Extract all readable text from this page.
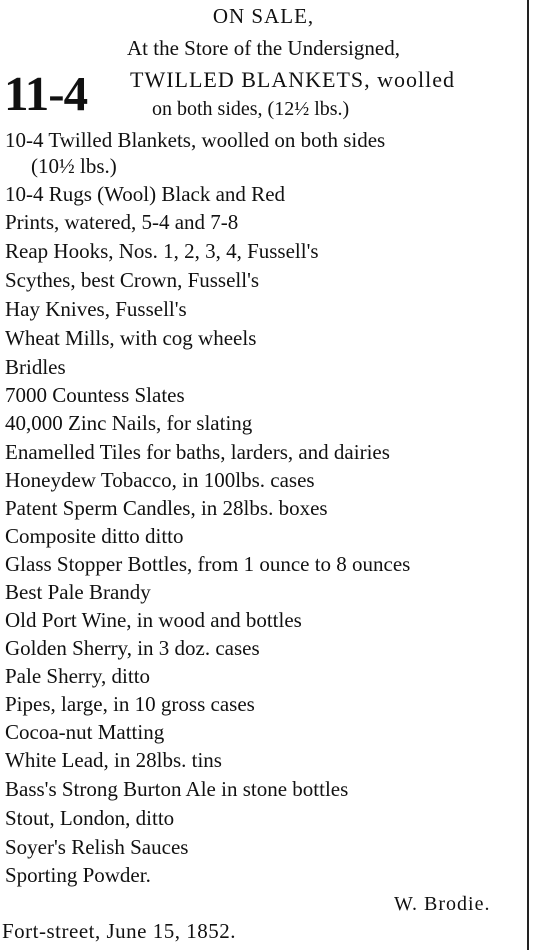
ON SALE,
At the Store of the Undersigned,
11-4 TWILLED BLANKETS, woolled
on both sides, (12½ lbs.)
10-4 Twilled Blankets, woolled on both sides
(10½ lbs.)
10-4 Rugs (Wool) Black and Red
Prints, watered, 5-4 and 7-8
Reap Hooks, Nos. 1, 2, 3, 4, Fussell's
Scythes, best Crown, Fussell's
Hay Knives, Fussell's
Wheat Mills, with cog wheels
Bridles
7000 Countess Slates
40,000 Zinc Nails, for slating
Enamelled Tiles for baths, larders, and dairies
Honeydew Tobacco, in 100lbs. cases
Patent Sperm Candles, in 28lbs. boxes
Composite ditto ditto
Glass Stopper Bottles, from 1 ounce to 8 ounces
Best Pale Brandy
Old Port Wine, in wood and bottles
Golden Sherry, in 3 doz. cases
Pale Sherry, ditto
Pipes, large, in 10 gross cases
Cocoa-nut Matting
White Lead, in 28lbs. tins
Bass's Strong Burton Ale in stone bottles
Stout, London, ditto
Soyer's Relish Sauces
Sporting Powder.
W. Brodie.
Fort-street, June 15, 1852.
